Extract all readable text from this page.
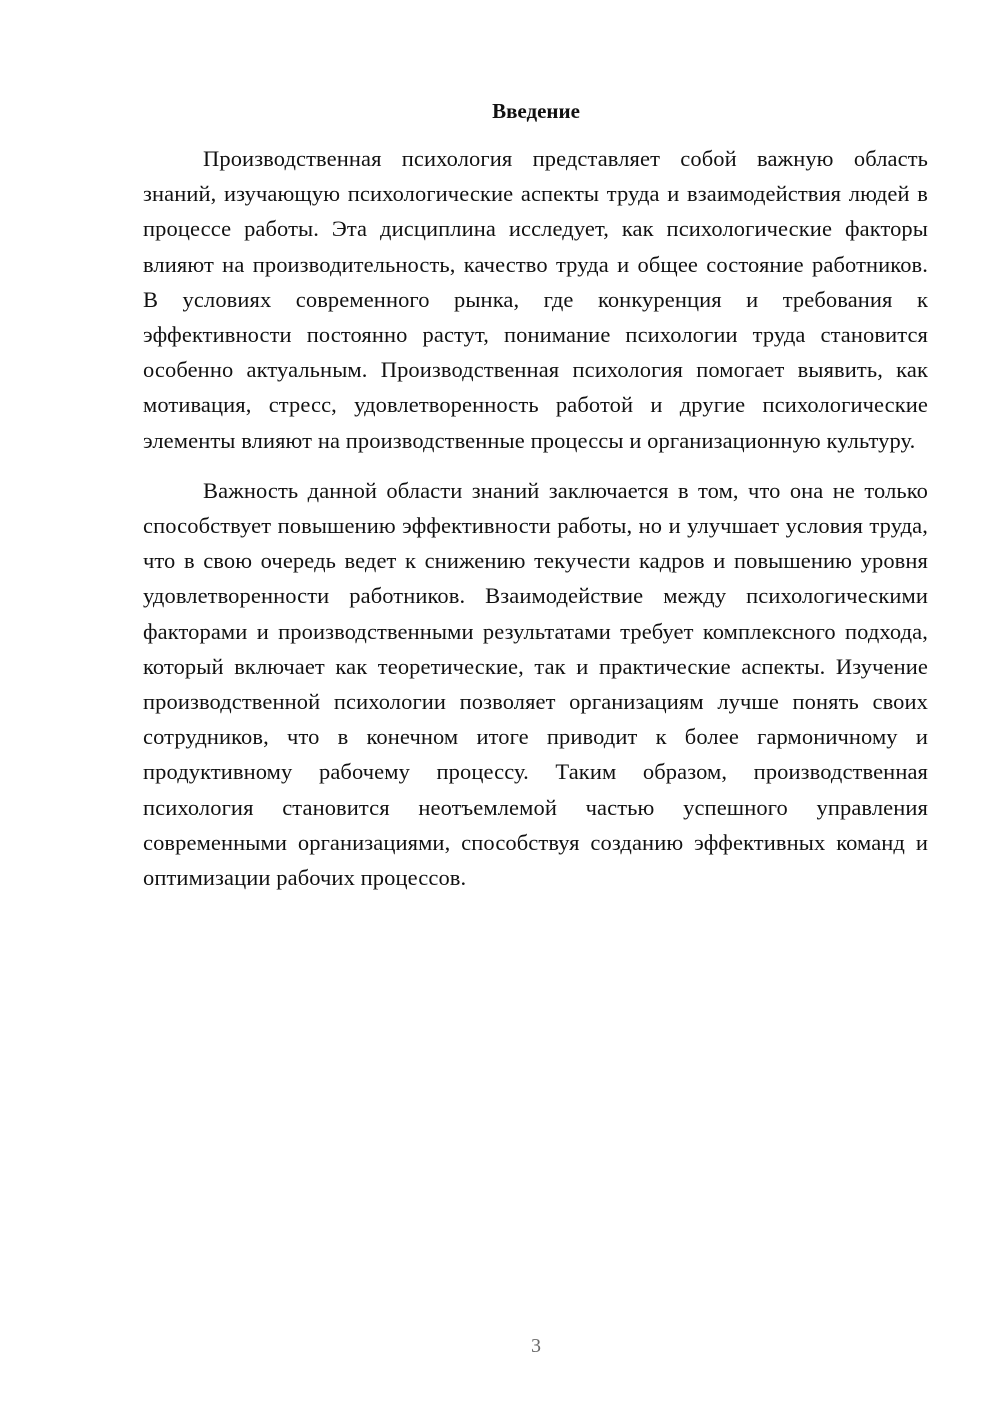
Введение

Производственная психология представляет собой важную область знаний, изучающую психологические аспекты труда и взаимодействия людей в процессе работы. Эта дисциплина исследует, как психологические факторы влияют на производительность, качество труда и общее состояние работников. В условиях современного рынка, где конкуренция и требования к эффективности постоянно растут, понимание психологии труда становится особенно актуальным. Производственная психология помогает выявить, как мотивация, стресс, удовлетворенность работой и другие психологические элементы влияют на производственные процессы и организационную культуру.

Важность данной области знаний заключается в том, что она не только способствует повышению эффективности работы, но и улучшает условия труда, что в свою очередь ведет к снижению текучести кадров и повышению уровня удовлетворенности работников. Взаимодействие между психологическими факторами и производственными результатами требует комплексного подхода, который включает как теоретические, так и практические аспекты. Изучение производственной психологии позволяет организациям лучше понять своих сотрудников, что в конечном итоге приводит к более гармоничному и продуктивному рабочему процессу. Таким образом, производственная психология становится неотъемлемой частью успешного управления современными организациями, способствуя созданию эффективных команд и оптимизации рабочих процессов.

3
